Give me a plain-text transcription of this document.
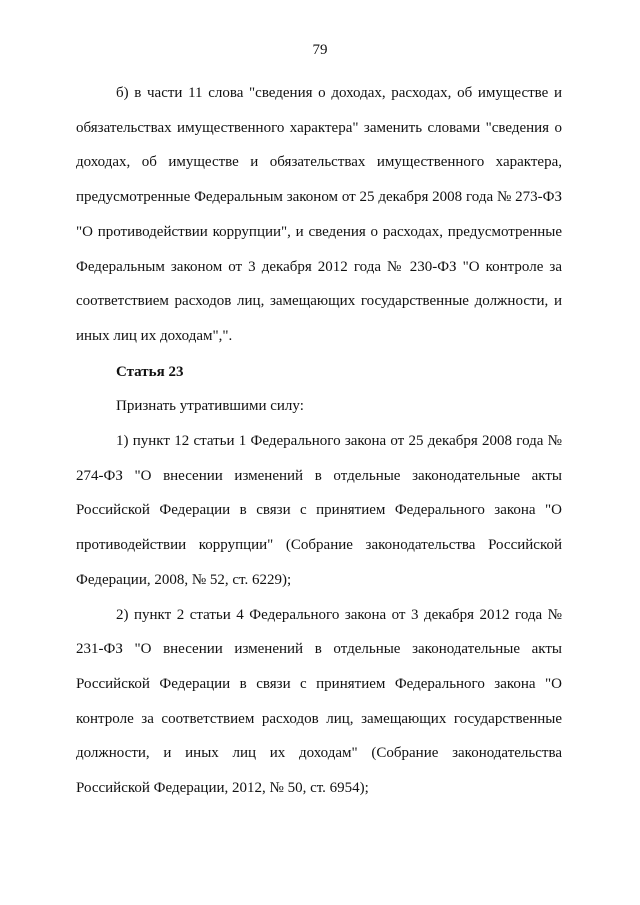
79

б) в части 11 слова "сведения о доходах, расходах, об имуществе и обязательствах имущественного характера" заменить словами "сведения о доходах, об имуществе и обязательствах имущественного характера, предусмотренные Федеральным законом от 25 декабря 2008 года № 273-ФЗ "О противодействии коррупции", и сведения о расходах, предусмотренные Федеральным законом от 3 декабря 2012 года № 230-ФЗ "О контроле за соответствием расходов лиц, замещающих государственные должности, и иных лиц их доходам",".

Статья 23

Признать утратившими силу:

1) пункт 12 статьи 1 Федерального закона от 25 декабря 2008 года № 274-ФЗ "О внесении изменений в отдельные законодательные акты Российской Федерации в связи с принятием Федерального закона "О противодействии коррупции" (Собрание законодательства Российской Федерации, 2008, № 52, ст. 6229);

2) пункт 2 статьи 4 Федерального закона от 3 декабря 2012 года № 231-ФЗ "О внесении изменений в отдельные законодательные акты Российской Федерации в связи с принятием Федерального закона "О контроле за соответствием расходов лиц, замещающих государственные должности, и иных лиц их доходам" (Собрание законодательства Российской Федерации, 2012, № 50, ст. 6954);
